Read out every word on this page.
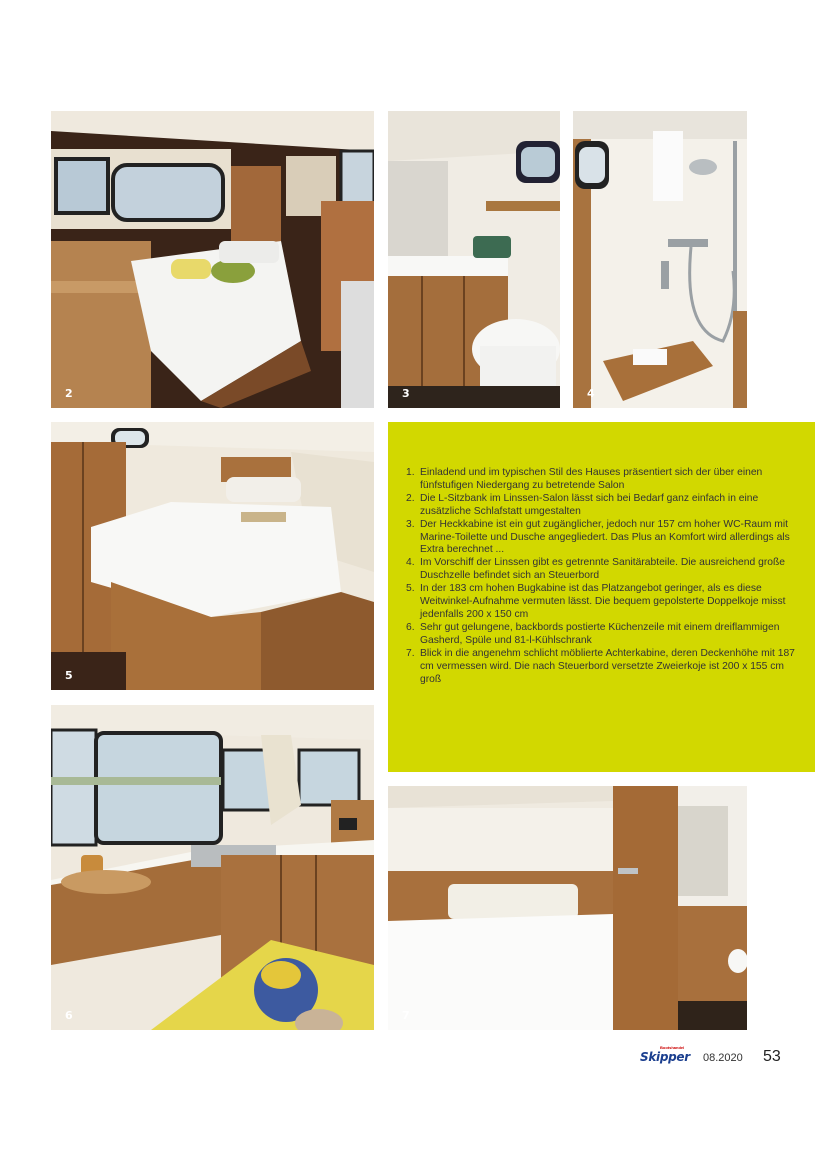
2	3	4
5
1. Einladend und im typischen Stil des Hauses präsentiert sich der über einen fünfstufigen Niedergang zu betretende Salon
2. Die L-Sitzbank im Linssen-Salon lässt sich bei Bedarf ganz einfach in eine zusätzliche Schlafstatt umgestalten
3. Der Heckkabine ist ein gut zugänglicher, jedoch nur 157 cm hoher WC-Raum mit Marine-Toilette und Dusche angegliedert. Das Plus an Komfort wird allerdings als Extra berechnet ...
4. Im Vorschiff der Linssen gibt es getrennte Sanitärabteile. Die ausreichend große Duschzelle befindet sich an Steuerbord
5. In der 183 cm hohen Bugkabine ist das Platzangebot geringer, als es diese Weitwinkel-Aufnahme vermuten lässt. Die bequem gepolsterte Doppelkoje misst jedenfalls 200 x 150 cm
6. Sehr gut gelungene, backbords postierte Küchenzeile mit einem dreiflammigen Gasherd, Spüle und 81-l-Kühlschrank
7. Blick in die angenehm schlicht möblierte Achterkabine, deren Deckenhöhe mit 187 cm vermessen wird. Die nach Steuerbord versetzte Zweierkoje ist 200 x 155 cm groß
6	7
Bootshandel
Skipper 08.2020 53
